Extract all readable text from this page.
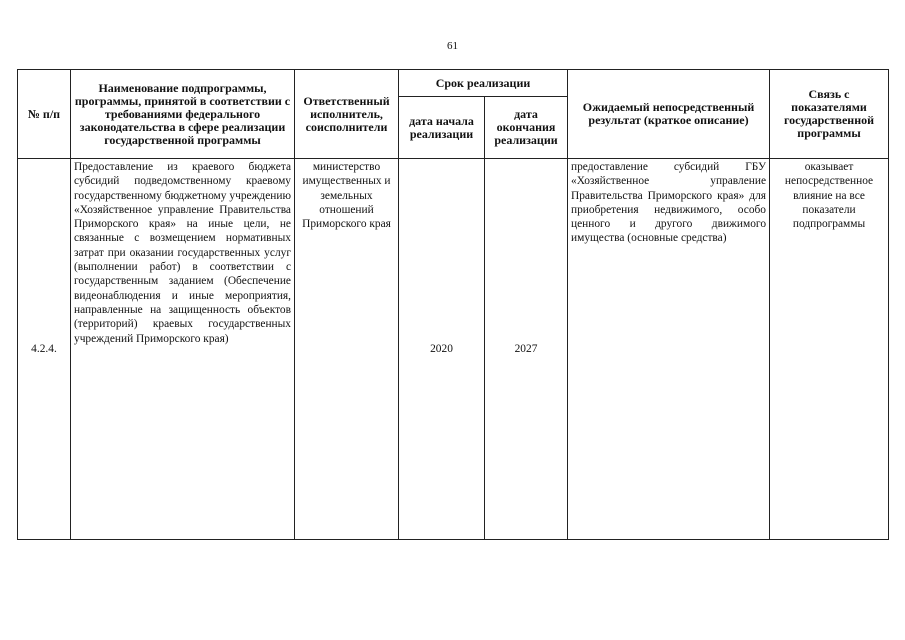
61
№ п/п	Наименование подпрограммы, программы, принятой в соответствии с требованиями федерального законодательства в сфере реализации государственной программы	Ответственный исполнитель, соисполнители	Срок реализации		Ожидаемый непосредственный результат (краткое описание)	Связь с показателями государственной программы
			дата начала реализации	дата окончания реализации		
4.2.4.	Предоставление из краевого бюджета субсидий подведомственному краевому государственному бюджетному учреждению «Хозяйственное управление Правительства Приморского края» на иные цели, не связанные с возмещением нормативных затрат при оказании государственных услуг (выполнении работ) в соответствии с государственным заданием (Обеспечение видеонаблюдения и иные мероприятия, направленные на защищенность объектов (территорий) краевых государственных учреждений Приморского края)	министерство имущественных и земельных отношений Приморского края	2020	2027	предоставление субсидий ГБУ «Хозяйственное управление Правительства Приморского края» для приобретения недвижимого, особо ценного и другого движимого имущества (основные средства)	оказывает непосредственное влияние на все показатели подпрограммы
